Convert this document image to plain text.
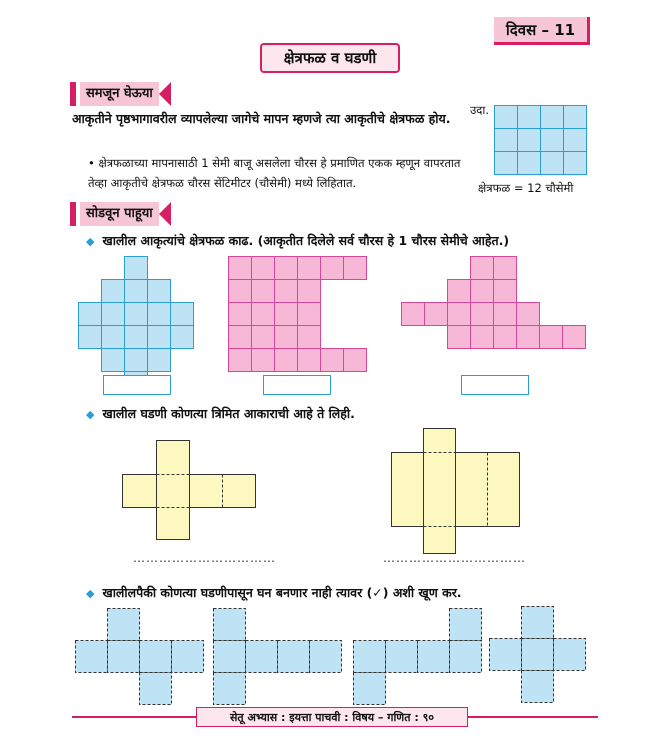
दिवस – 11
क्षेत्रफळ व घडणी
समजून घेऊया
आकृतीने पृष्ठभागावरील व्यापलेल्या जागेचे मापन म्हणजे त्या आकृतीचे क्षेत्रफळ होय.
• क्षेत्रफळाच्या मापनासाठी 1 सेमी बाजू असलेला चौरस हे प्रमाणित एकक म्हणून वापरतात तेव्हा आकृतीचे क्षेत्रफळ चौरस सेंटिमीटर (चौसेमी) मध्ये लिहितात.
उदा.
क्षेत्रफळ = 12 चौसेमी
सोडवून पाहूया
◆ खालील आकृत्यांचे क्षेत्रफळ काढ. (आकृतीत दिलेले सर्व चौरस हे 1 चौरस सेमीचे आहेत.)
◆ खालील घडणी कोणत्या त्रिमित आकाराची आहे ते लिही.
……………………………	……………………………
◆ खालीलपैकी कोणत्या घडणीपासून घन बनणार नाही त्यावर (✓) अशी खूण कर.
सेतू अभ्यास : इयत्ता पाचवी : विषय – गणित : ९०
